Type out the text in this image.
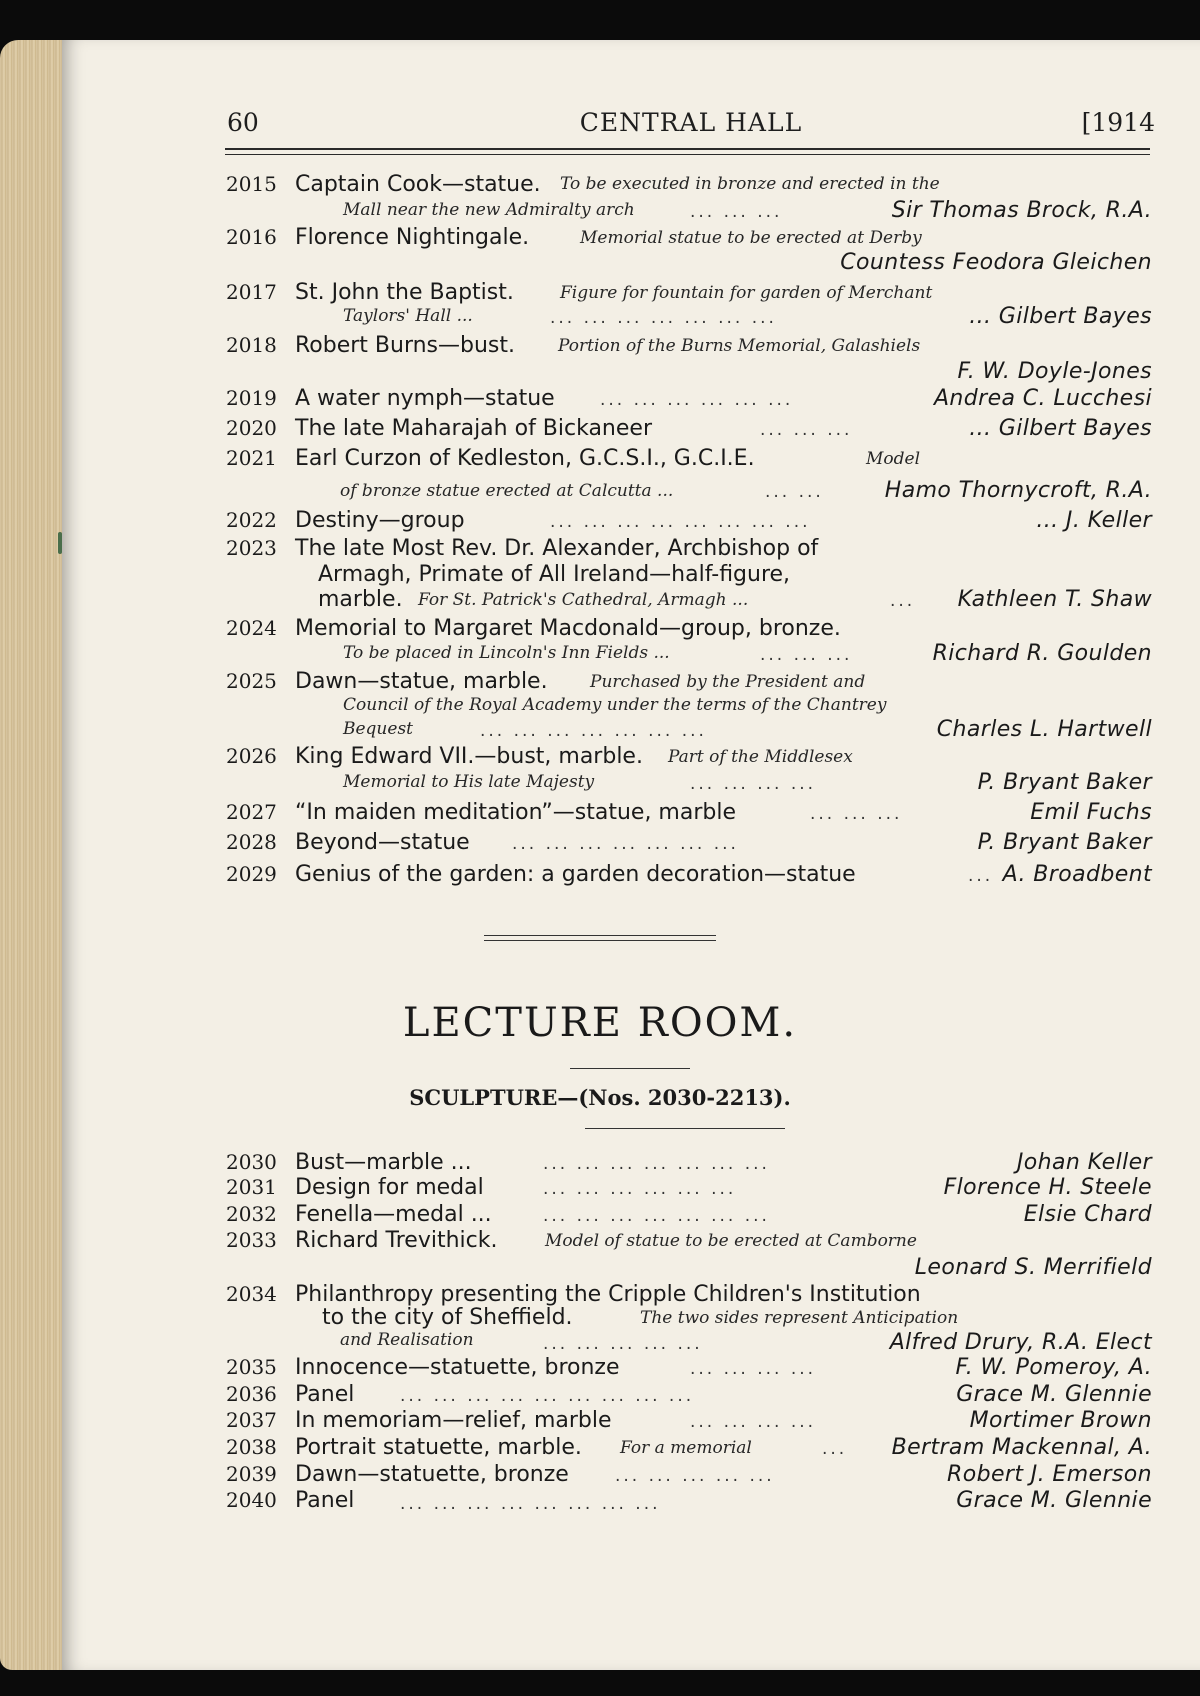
60	CENTRAL HALL	[1914
2015 Captain Cook—statue. To be executed in bronze and erected in the
Mall near the new Admiralty arch	... ... ...	Sir Thomas Brock, R.A.
2016 Florence Nightingale.	Memorial statue to be erected at Derby
Countess Feodora Gleichen
2017 St. John the Baptist.	Figure for fountain for garden of Merchant
Taylors' Hall ...	... ... ... ... ... ... ...	... Gilbert Bayes
2018 Robert Burns—bust.	Portion of the Burns Memorial, Galashiels
F. W. Doyle-Jones
2019 A water nymph—statue	... ... ... ... ... ...	Andrea C. Lucchesi
2020 The late Maharajah of Bickaneer	... ... ...	... Gilbert Bayes
2021 Earl Curzon of Kedleston, G.C.S.I., G.C.I.E.	Model
of bronze statue erected at Calcutta ...	... ...	Hamo Thornycroft, R.A.
2022 Destiny—group	... ... ... ... ... ... ... ...	... J. Keller
2023 The late Most Rev. Dr. Alexander, Archbishop of
Armagh, Primate of All Ireland—half-figure,
marble. For St. Patrick's Cathedral, Armagh ...	... Kathleen T. Shaw
2024 Memorial to Margaret Macdonald—group, bronze.
To be placed in Lincoln's Inn Fields ...	... ... ...	Richard R. Goulden
2025 Dawn—statue, marble. Purchased by the President and
Council of the Royal Academy under the terms of the Chantrey
Bequest	... ... ... ... ... ... ...	Charles L. Hartwell
2026 King Edward VII.—bust, marble. Part of the Middlesex
Memorial to His late Majesty	... ... ... ...	P. Bryant Baker
2027 “In maiden meditation”—statue, marble	... ... ...	Emil Fuchs
2028 Beyond—statue ... ... ... ... ... ... ...	P. Bryant Baker
2029 Genius of the garden: a garden decoration—statue	... A. Broadbent
LECTURE ROOM.
SCULPTURE—(Nos. 2030-2213).
2030 Bust—marble ...	... ... ... ... ... ... ...	Johan Keller
2031 Design for medal	... ... ... ... ... ...	Florence H. Steele
2032 Fenella—medal ...	... ... ... ... ... ... ...	Elsie Chard
2033 Richard Trevithick.	Model of statue to be erected at Camborne
Leonard S. Merrifield
2034 Philanthropy presenting the Cripple Children's Institution
to the city of Sheffield.	The two sides represent Anticipation
and Realisation	... ... ... ... ...	Alfred Drury, R.A. Elect
2035 Innocence—statuette, bronze	... ... ... ...	F. W. Pomeroy, A.
2036 Panel	... ... ... ... ... ... ... ... ...	Grace M. Glennie
2037 In memoriam—relief, marble	... ... ... ...	Mortimer Brown
2038 Portrait statuette, marble. For a memorial	... Bertram Mackennal, A.
2039 Dawn—statuette, bronze	... ... ... ... ...	Robert J. Emerson
2040 Panel	... ... ... ... ... ... ... ...	Grace M. Glennie
